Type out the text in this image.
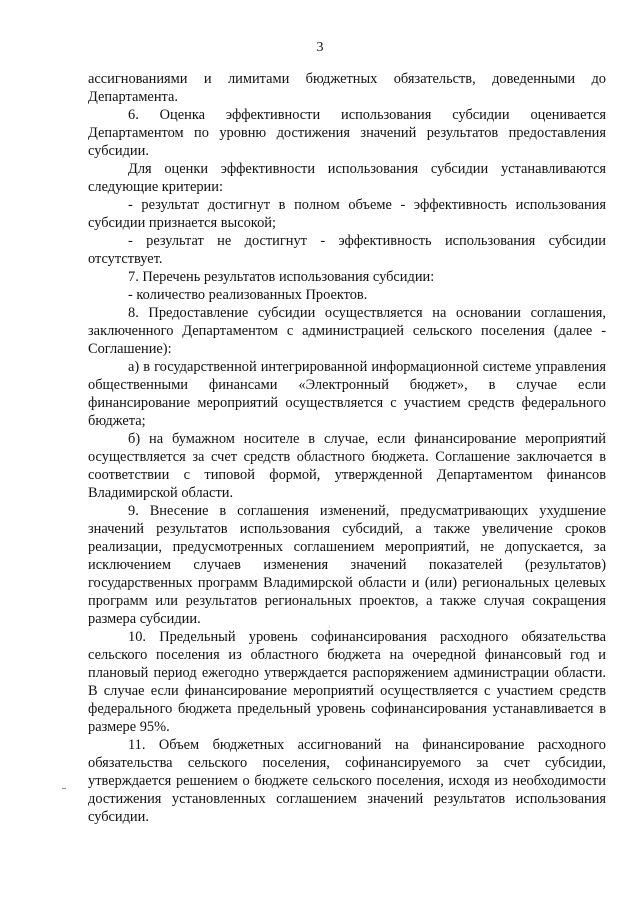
3

ассигнованиями и лимитами бюджетных обязательств, доведенными до Департамента.

6. Оценка эффективности использования субсидии оценивается Департаментом по уровню достижения значений результатов предоставления субсидии.

Для оценки эффективности использования субсидии устанавливаются следующие критерии:

- результат достигнут в полном объеме - эффективность использования субсидии признается высокой;

- результат не достигнут - эффективность использования субсидии отсутствует.

7. Перечень результатов использования субсидии:

- количество реализованных Проектов.

8. Предоставление субсидии осуществляется на основании соглашения, заключенного Департаментом с администрацией сельского поселения (далее - Соглашение):

а) в государственной интегрированной информационной системе управления общественными финансами «Электронный бюджет», в случае если финансирование мероприятий осуществляется с участием средств федерального бюджета;

б) на бумажном носителе в случае, если финансирование мероприятий осуществляется за счет средств областного бюджета. Соглашение заключается в соответствии с типовой формой, утвержденной Департаментом финансов Владимирской области.

9. Внесение в соглашения изменений, предусматривающих ухудшение значений результатов использования субсидий, а также увеличение сроков реализации, предусмотренных соглашением мероприятий, не допускается, за исключением случаев изменения значений показателей (результатов) государственных программ Владимирской области и (или) региональных целевых программ или результатов региональных проектов, а также случая сокращения размера субсидии.

10. Предельный уровень софинансирования расходного обязательства сельского поселения из областного бюджета на очередной финансовый год и плановый период ежегодно утверждается распоряжением администрации области. В случае если финансирование мероприятий осуществляется с участием средств федерального бюджета предельный уровень софинансирования устанавливается в размере 95%.

11. Объем бюджетных ассигнований на финансирование расходного обязательства сельского поселения, софинансируемого за счет субсидии, утверждается решением о бюджете сельского поселения, исходя из необходимости достижения установленных соглашением значений результатов использования субсидии.
